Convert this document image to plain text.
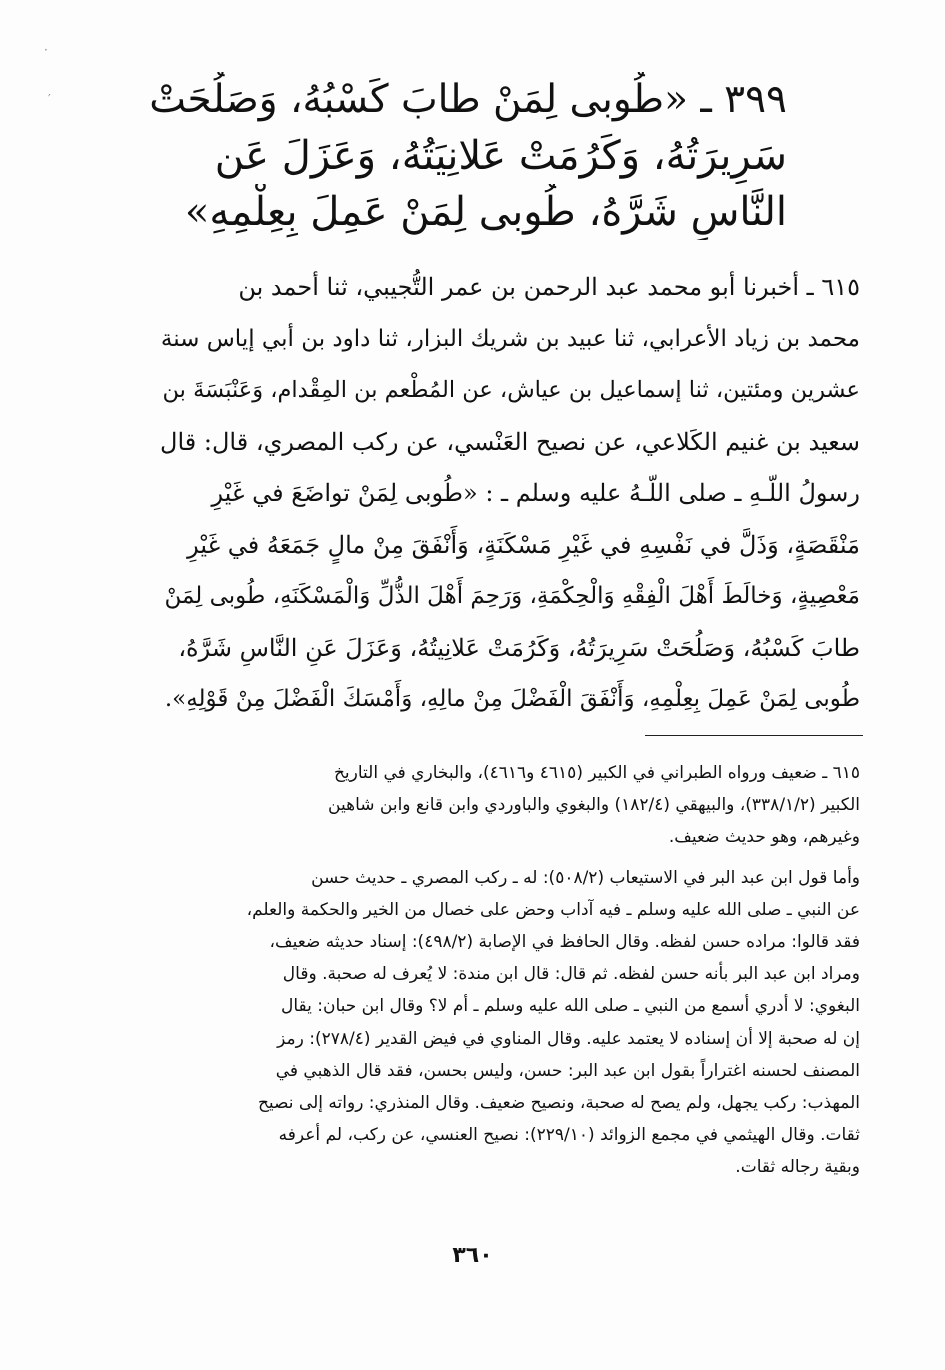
·
′	٣٩٩ ـ «طُوبى لِمَنْ طابَ كَسْبُهُ، وَصَلُحَتْ
سَرِيرَتُهُ، وَكَرُمَتْ عَلانِيَتُهُ، وَعَزَلَ عَن
النَّاسِ شَرَّهُ، طُوبى لِمَنْ عَمِلَ بِعِلْمِهِ»
٦١٥ ـ أخبرنا أبو محمد عبد الرحمن بن عمر التُّجيبي، ثنا أحمد بن
محمد بن زياد الأعرابي، ثنا عبيد بن شريك البزار، ثنا داود بن أبي إياس سنة
عشرين ومئتين، ثنا إسماعيل بن عياش، عن المُطْعم بن المِقْدام، وَعَنْبَسَةَ بن
سعيد بن غنيم الكَلاعي، عن نصيح العَنْسي، عن ركب المصري، قال: قال
رسولُ اللّـهِ ـ صلى اللّـهُ عليه وسلم ـ : «طُوبى لِمَنْ تواضَعَ في غَيْرِ
مَنْقَصَةٍ، وَذَلَّ في نَفْسِهِ في غَيْرِ مَسْكَنَةٍ، وَأَنْفَقَ مِنْ مالٍ جَمَعَهُ في غَيْرِ
مَعْصِيةٍ، وَخالَطَ أَهْلَ الْفِقْهِ وَالْحِكْمَةِ، وَرَحِمَ أَهْلَ الذُّلِّ وَالْمَسْكَنَهِ، طُوبى لِمَنْ
طابَ كَسْبُهُ، وَصَلُحَتْ سَرِيرَتُهُ، وَكَرُمَتْ عَلانِيتُهُ، وَعَزَلَ عَنِ النَّاسِ شَرَّهُ،
طُوبى لِمَنْ عَمِلَ بِعِلْمِهِ، وَأَنْفَقَ الْفَضْلَ مِنْ مالِهِ، وَأَمْسَكَ الْفَضْلَ مِنْ قَوْلِهِ».
٦١٥ ـ ضعيف ورواه الطبراني في الكبير (٤٦١٥ و٤٦١٦)، والبخاري في التاريخ
الكبير (٣٣٨/١/٢)، والبيهقي (١٨٢/٤) والبغوي والباوردي وابن قانع وابن شاهين
وغيرهم، وهو حديث ضعيف.
وأما قول ابن عبد البر في الاستيعاب (٥٠٨/٢): له ـ ركب المصري ـ حديث حسن
عن النبي ـ صلى الله عليه وسلم ـ فيه آداب وحض على خصال من الخير والحكمة والعلم،
فقد قالوا: مراده حسن لفظه. وقال الحافظ في الإصابة (٤٩٨/٢): إسناد حديثه ضعيف،
ومراد ابن عبد البر بأنه حسن لفظه. ثم قال: قال ابن مندة: لا يُعرف له صحبة. وقال
البغوي: لا أدري أسمع من النبي ـ صلى الله عليه وسلم ـ أم لا؟ وقال ابن حبان: يقال
إن له صحبة إلا أن إسناده لا يعتمد عليه. وقال المناوي في فيض القدير (٢٧٨/٤): رمز
المصنف لحسنه اغتراراً بقول ابن عبد البر: حسن، وليس بحسن، فقد قال الذهبي في
المهذب: ركب يجهل، ولم يصح له صحبة، ونصيح ضعيف. وقال المنذري: رواته إلى نصيح
ثقات. وقال الهيثمي في مجمع الزوائد (٢٢٩/١٠): نصيح العنسي، عن ركب، لم أعرفه
وبقية رجاله ثقات.
٣٦٠
